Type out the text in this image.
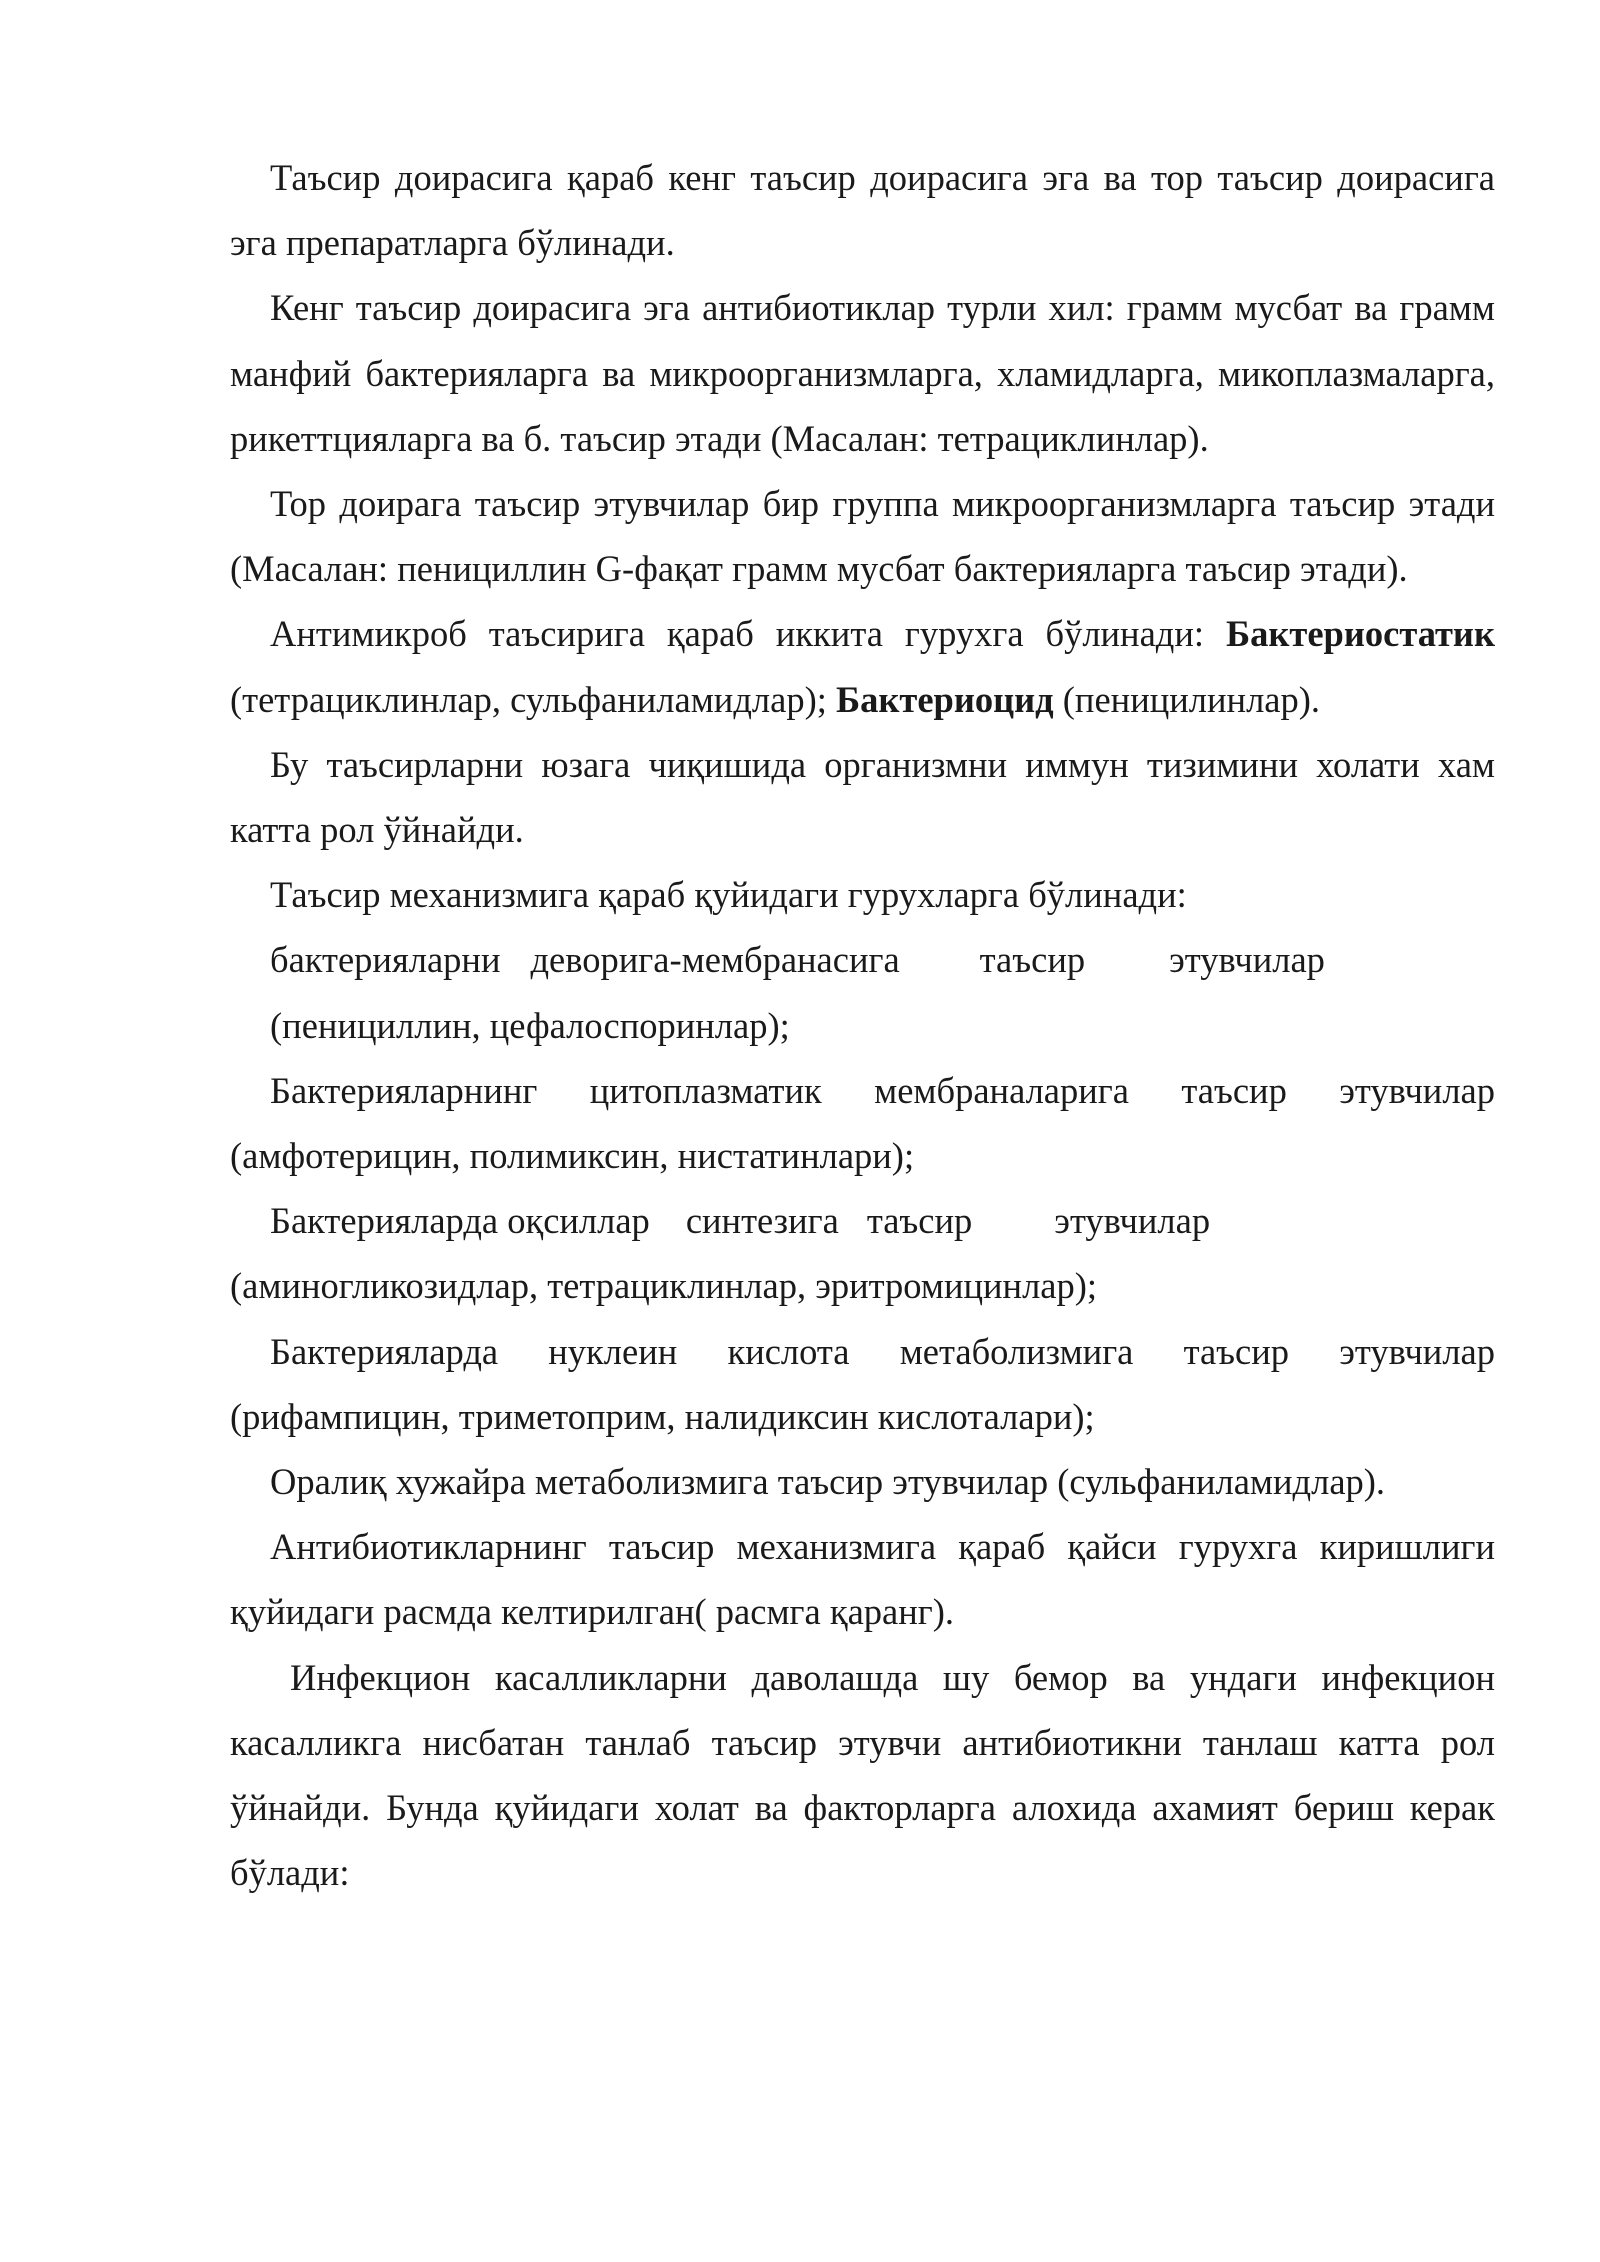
Таъсир доирасига қараб кенг таъсир доирасига эга ва тор таъсир доирасига эга препаратларга бўлинади.

Кенг таъсир доирасига эга антибиотиклар турли хил: грамм мусбат ва грамм манфий бактерияларга ва микроорганизмларга, хламидларга, микоплазмаларга, рикеттцияларга ва б. таъсир этади (Масалан: тетрациклинлар).

Тор доирага таъсир этувчилар бир группа микроорганизмларга таъсир этади (Масалан: пенициллин G-фақат грамм мусбат бактерияларга таъсир этади).

Антимикроб таъсирига қараб иккита гурухга бўлинади: Бактериостатик (тетрациклинлар, сульфаниламидлар); Бактериоцид (пеницилинлар).

Бу таъсирларни юзага чиқишида организмни иммун тизимини холати хам катта рол ўйнайди.

Таъсир механизмига қараб қуйидаги гурухларга бўлинади:

бактерияларни деворига-мембранасига таъсир этувчилар
(пенициллин, цефалоспоринлар);

Бактерияларнинг цитоплазматик мембраналарига таъсир этувчилар (амфотерицин, полимиксин, нистатинлари);

Бактерияларда оқсиллар синтезига таъсир этувчилар
(аминогликозидлар, тетрациклинлар, эритромицинлар);

Бактерияларда нуклеин кислота метаболизмига таъсир этувчилар (рифампицин, триметоприм, налидиксин кислоталари);

Оралиқ хужайра метаболизмига таъсир этувчилар (сульфаниламидлар).

Антибиотикларнинг таъсир механизмига қараб қайси гурухга киришлиги қуйидаги расмда келтирилган( расмга қаранг).

Инфекцион касалликларни даволашда шу бемор ва ундаги инфекцион касалликга нисбатан танлаб таъсир этувчи антибиотикни танлаш катта рол ўйнайди. Бунда қуйидаги холат ва факторларга алохида ахамият бериш керак бўлади:
